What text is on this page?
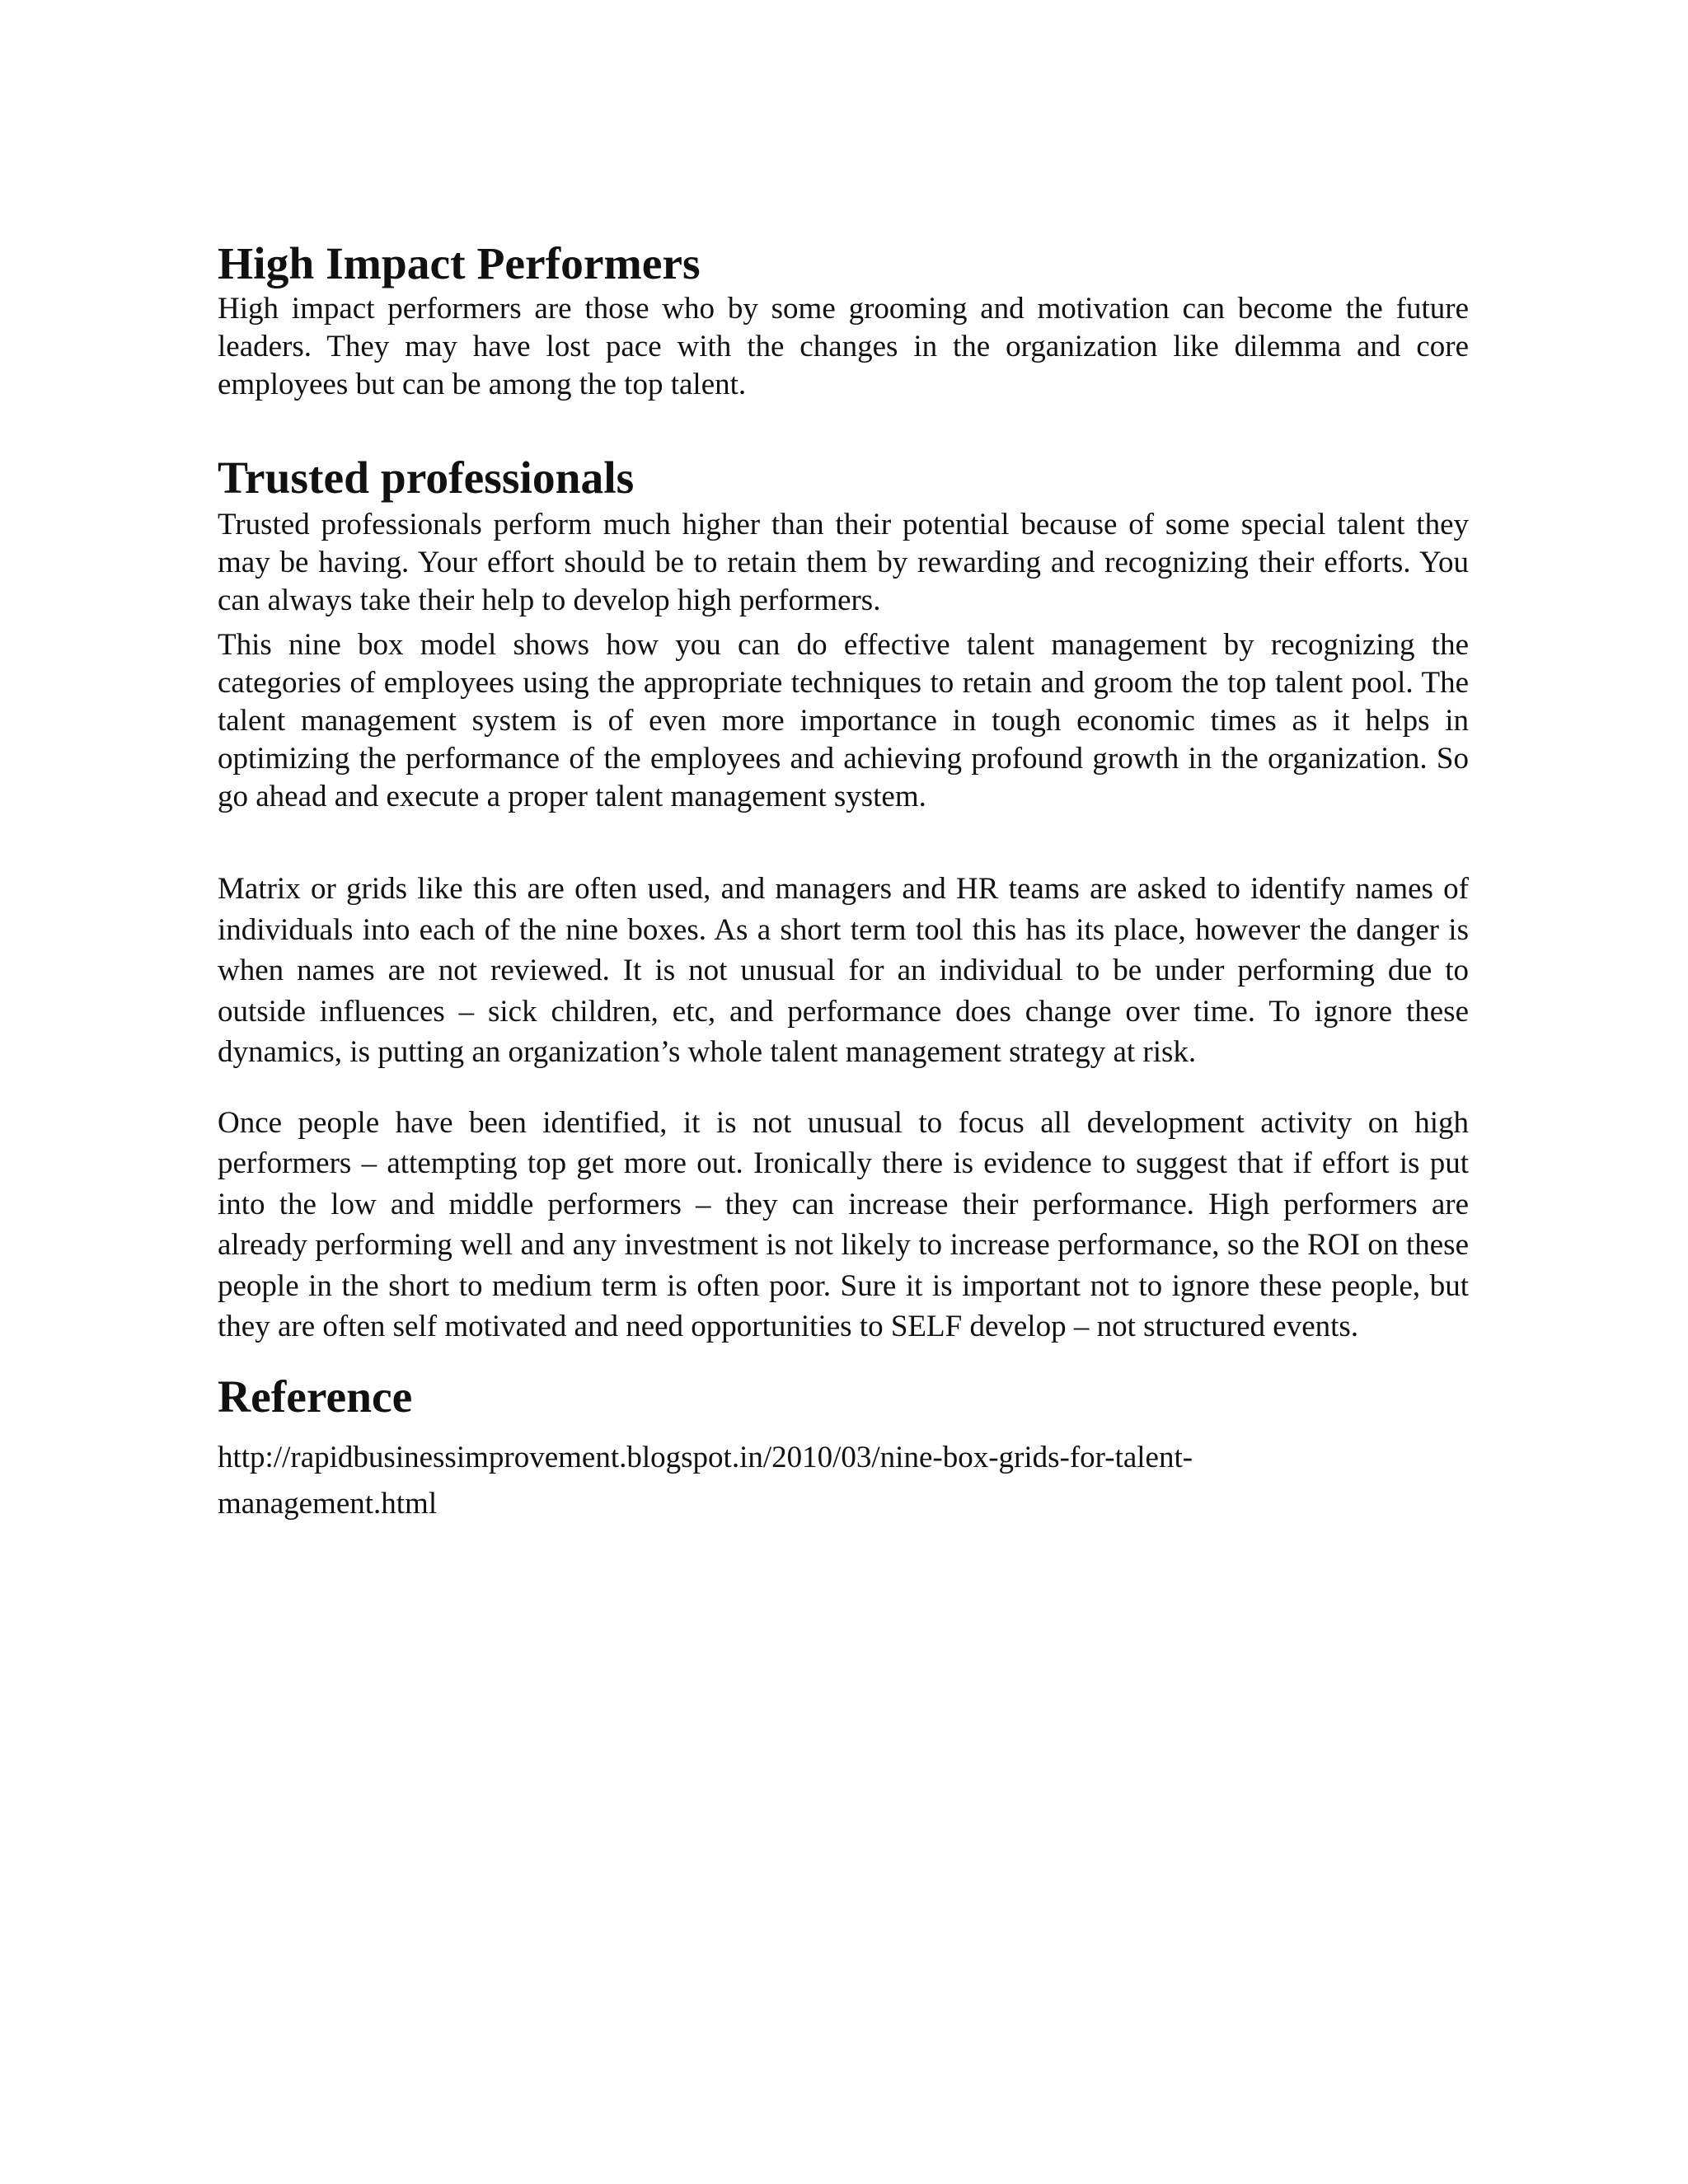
High Impact Performers

High impact performers are those who by some grooming and motivation can become the future leaders. They may have lost pace with the changes in the organization like dilemma and core employees but can be among the top talent.

Trusted professionals

Trusted professionals perform much higher than their potential because of some special talent they may be having. Your effort should be to retain them by rewarding and recognizing their efforts. You can always take their help to develop high performers.

This nine box model shows how you can do effective talent management by recognizing the categories of employees using the appropriate techniques to retain and groom the top talent pool. The talent management system is of even more importance in tough economic times as it helps in optimizing the performance of the employees and achieving profound growth in the organization. So go ahead and execute a proper talent management system.

Matrix or grids like this are often used, and managers and HR teams are asked to identify names of individuals into each of the nine boxes. As a short term tool this has its place, however the danger is when names are not reviewed. It is not unusual for an individual to be under performing due to outside influences – sick children, etc, and performance does change over time. To ignore these dynamics, is putting an organization’s whole talent management strategy at risk.

Once people have been identified, it is not unusual to focus all development activity on high performers – attempting top get more out. Ironically there is evidence to suggest that if effort is put into the low and middle performers – they can increase their performance. High performers are already performing well and any investment is not likely to increase performance, so the ROI on these people in the short to medium term is often poor. Sure it is important not to ignore these people, but they are often self motivated and need opportunities to SELF develop – not structured events.

Reference

http://rapidbusinessimprovement.blogspot.in/2010/03/nine-box-grids-for-talent-
management.html
